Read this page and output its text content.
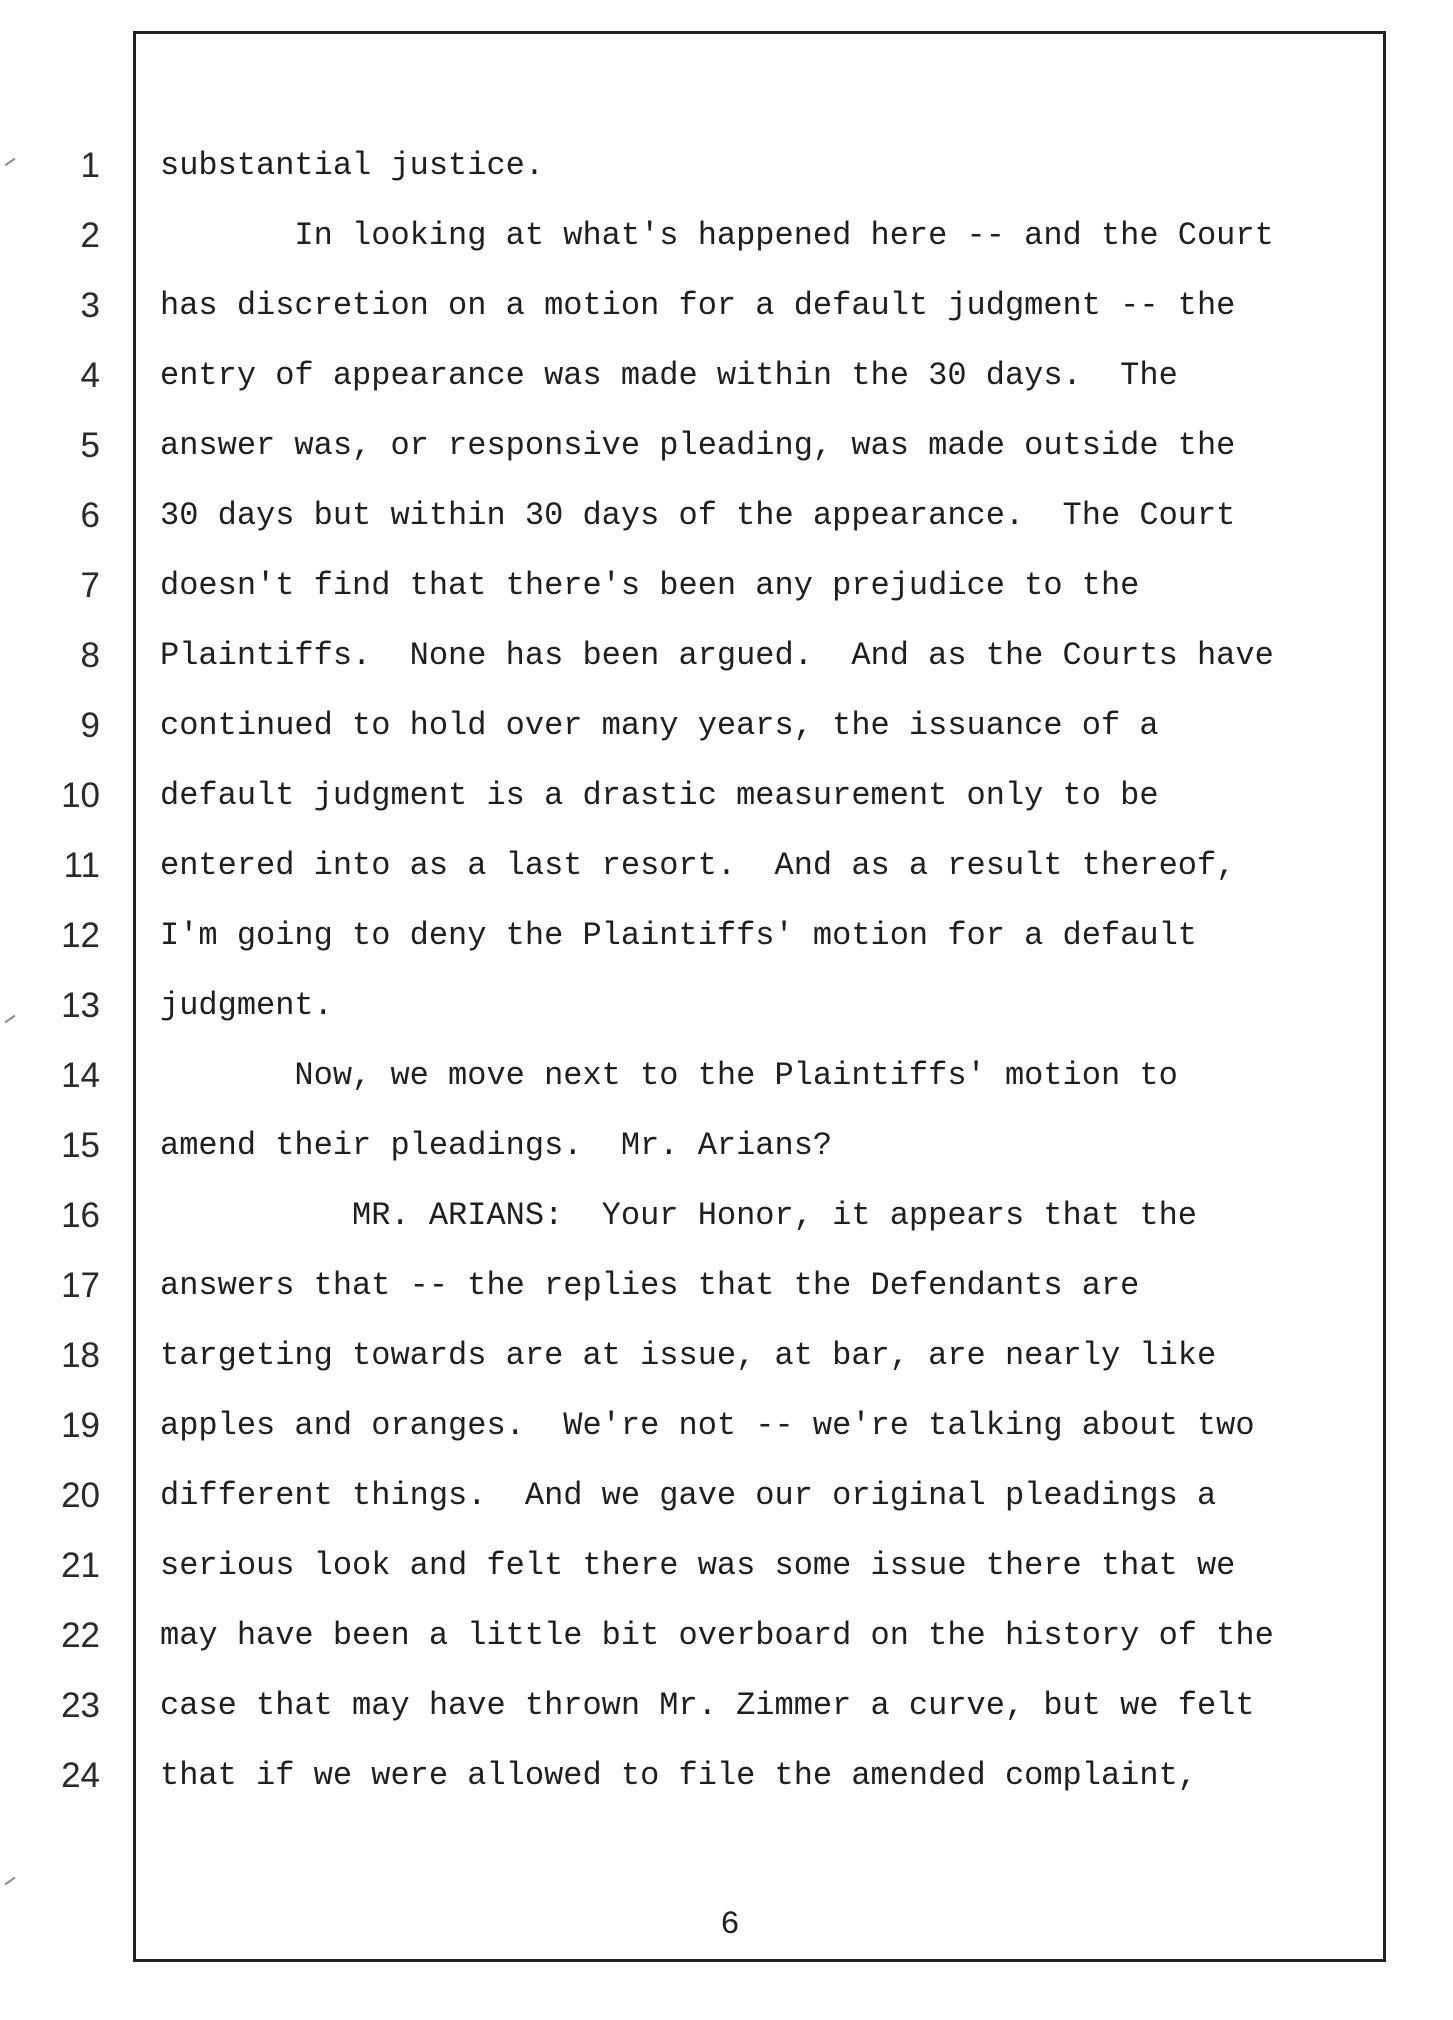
1
2
3
4
5
6
7
8
9
10
11
12
13
14
15
16
17
18
19
20
21
22
23
24
substantial justice.
In looking at what's happened here -- and the Court
has discretion on a motion for a default judgment -- the
entry of appearance was made within the 30 days.  The
answer was, or responsive pleading, was made outside the
30 days but within 30 days of the appearance.  The Court
doesn't find that there's been any prejudice to the
Plaintiffs.  None has been argued.  And as the Courts have
continued to hold over many years, the issuance of a
default judgment is a drastic measurement only to be
entered into as a last resort.  And as a result thereof,
I'm going to deny the Plaintiffs' motion for a default
judgment.
Now, we move next to the Plaintiffs' motion to
amend their pleadings.  Mr. Arians?
MR. ARIANS:  Your Honor, it appears that the
answers that -- the replies that the Defendants are
targeting towards are at issue, at bar, are nearly like
apples and oranges.  We're not -- we're talking about two
different things.  And we gave our original pleadings a
serious look and felt there was some issue there that we
may have been a little bit overboard on the history of the
case that may have thrown Mr. Zimmer a curve, but we felt
that if we were allowed to file the amended complaint,
6
